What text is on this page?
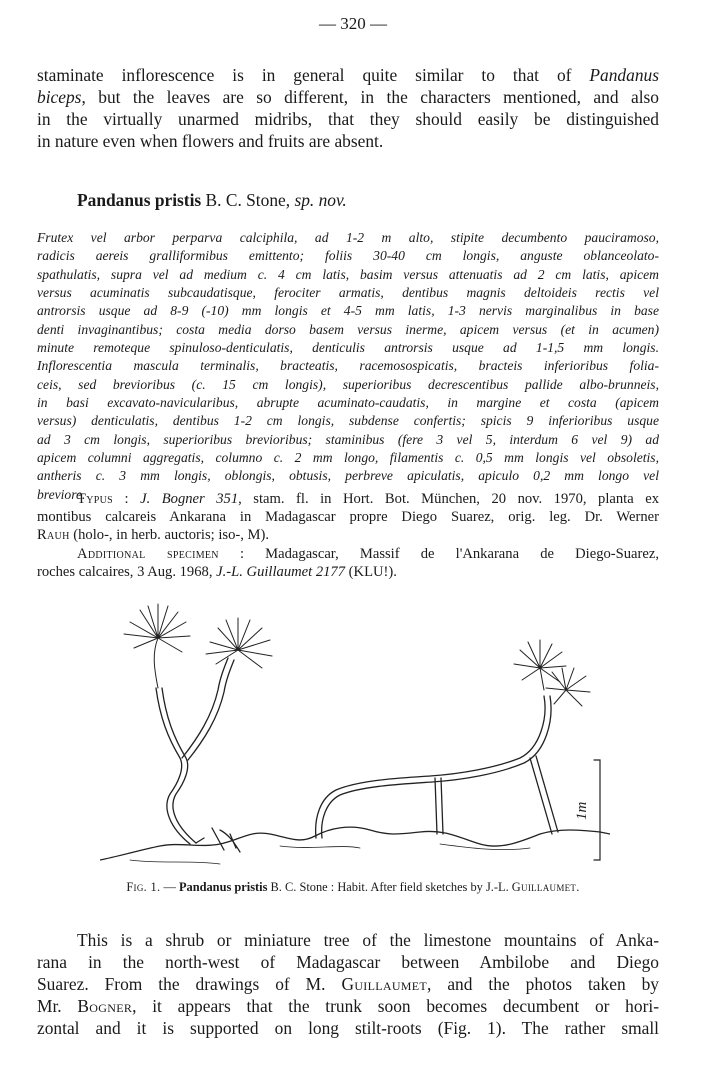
— 320 —
staminate inflorescence is in general quite similar to that of Pandanus
biceps, but the leaves are so different, in the characters mentioned, and also
in the virtually unarmed midribs, that they should easily be distinguished
in nature even when flowers and fruits are absent.
Pandanus pristis B. C. Stone, sp. nov.
Frutex vel arbor perparva calciphila, ad 1-2 m alto, stipite decumbento pauciramoso,
radicis aereis gralliformibus emittento; foliis 30-40 cm longis, anguste oblanceolato-
spathulatis, supra vel ad medium c. 4 cm latis, basim versus attenuatis ad 2 cm latis, apicem
versus acuminatis subcaudatisque, ferociter armatis, dentibus magnis deltoideis rectis vel
antrorsis usque ad 8-9 (-10) mm longis et 4-5 mm latis, 1-3 nervis marginalibus in base
denti invaginantibus; costa media dorso basem versus inerme, apicem versus (et in acumen)
minute remoteque spinuloso-denticulatis, denticulis antrorsis usque ad 1-1,5 mm longis.
Inflorescentia mascula terminalis, bracteatis, racemosospicatis, bracteis inferioribus folia-
ceis, sed brevioribus (c. 15 cm longis), superioribus decrescentibus pallide albo-brunneis,
in basi excavato-navicularibus, abrupte acuminato-caudatis, in margine et costa (apicem
versus) denticulatis, dentibus 1-2 cm longis, subdense confertis; spicis 9 inferioribus usque
ad 3 cm longis, superioribus brevioribus; staminibus (fere 3 vel 5, interdum 6 vel 9) ad
apicem columni aggregatis, columno c. 2 mm longo, filamentis c. 0,5 mm longis vel obsoletis,
antheris c. 3 mm longis, oblongis, obtusis, perbreve apiculatis, apiculo 0,2 mm longo vel
breviore.
Typus : J. Bogner 351, stam. fl. in Hort. Bot. München, 20 nov. 1970, planta ex
montibus calcareis Ankarana in Madagascar propre Diego Suarez, orig. leg. Dr. Werner
Rauh (holo-, in herb. auctoris; iso-, M).
Additional specimen : Madagascar, Massif de l'Ankarana de Diego-Suarez,
roches calcaires, 3 Aug. 1968, J.-L. Guillaumet 2177 (KLU!).
1m
Fig. 1. — Pandanus pristis B. C. Stone : Habit. After field sketches by J.-L. Guillaumet.
This is a shrub or miniature tree of the limestone mountains of Anka-
rana in the north-west of Madagascar between Ambilobe and Diego
Suarez. From the drawings of M. Guillaumet, and the photos taken by
Mr. Bogner, it appears that the trunk soon becomes decumbent or hori-
zontal and it is supported on long stilt-roots (Fig. 1). The rather small
